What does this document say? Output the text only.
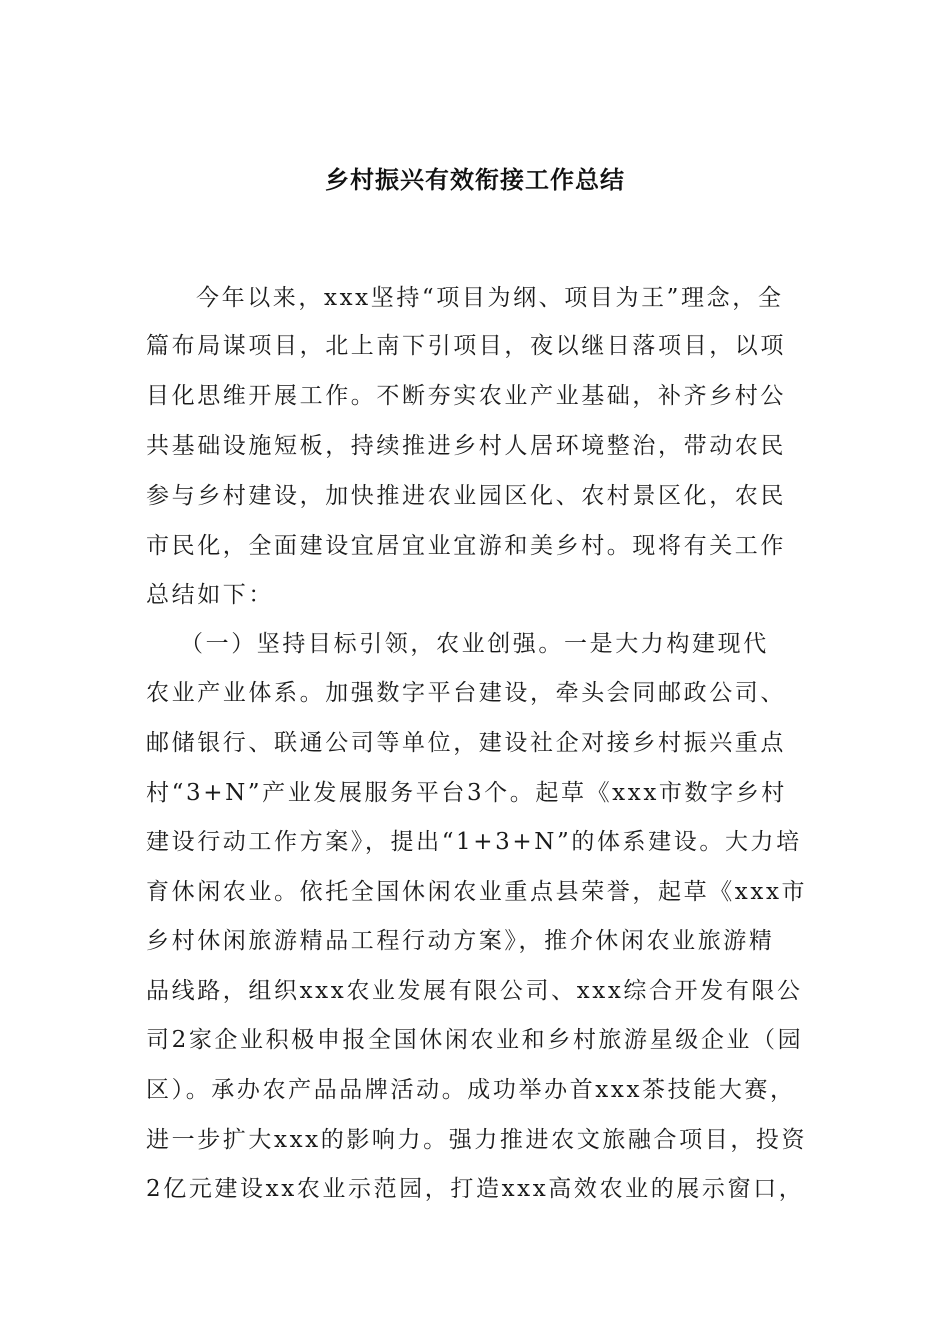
乡村振兴有效衔接工作总结
今年以来，xxx坚持“项目为纲、项目为王”理念，全
篇布局谋项目，北上南下引项目，夜以继日落项目，以项
目化思维开展工作。不断夯实农业产业基础，补齐乡村公
共基础设施短板，持续推进乡村人居环境整治，带动农民
参与乡村建设，加快推进农业园区化、农村景区化，农民
市民化，全面建设宜居宜业宜游和美乡村。现将有关工作
总结如下：
（一）坚持目标引领，农业创强。一是大力构建现代
农业产业体系。加强数字平台建设，牵头会同邮政公司、
邮储银行、联通公司等单位，建设社企对接乡村振兴重点
村“3+N”产业发展服务平台3个。起草《xxx市数字乡村
建设行动工作方案》，提出“1+3+N”的体系建设。大力培
育休闲农业。依托全国休闲农业重点县荣誉，起草《xxx市
乡村休闲旅游精品工程行动方案》，推介休闲农业旅游精
品线路，组织xxx农业发展有限公司、xxx综合开发有限公
司2家企业积极申报全国休闲农业和乡村旅游星级企业（园
区）。承办农产品品牌活动。成功举办首xxx茶技能大赛，
进一步扩大xxx的影响力。强力推进农文旅融合项目，投资
2亿元建设xx农业示范园，打造xxx高效农业的展示窗口，
